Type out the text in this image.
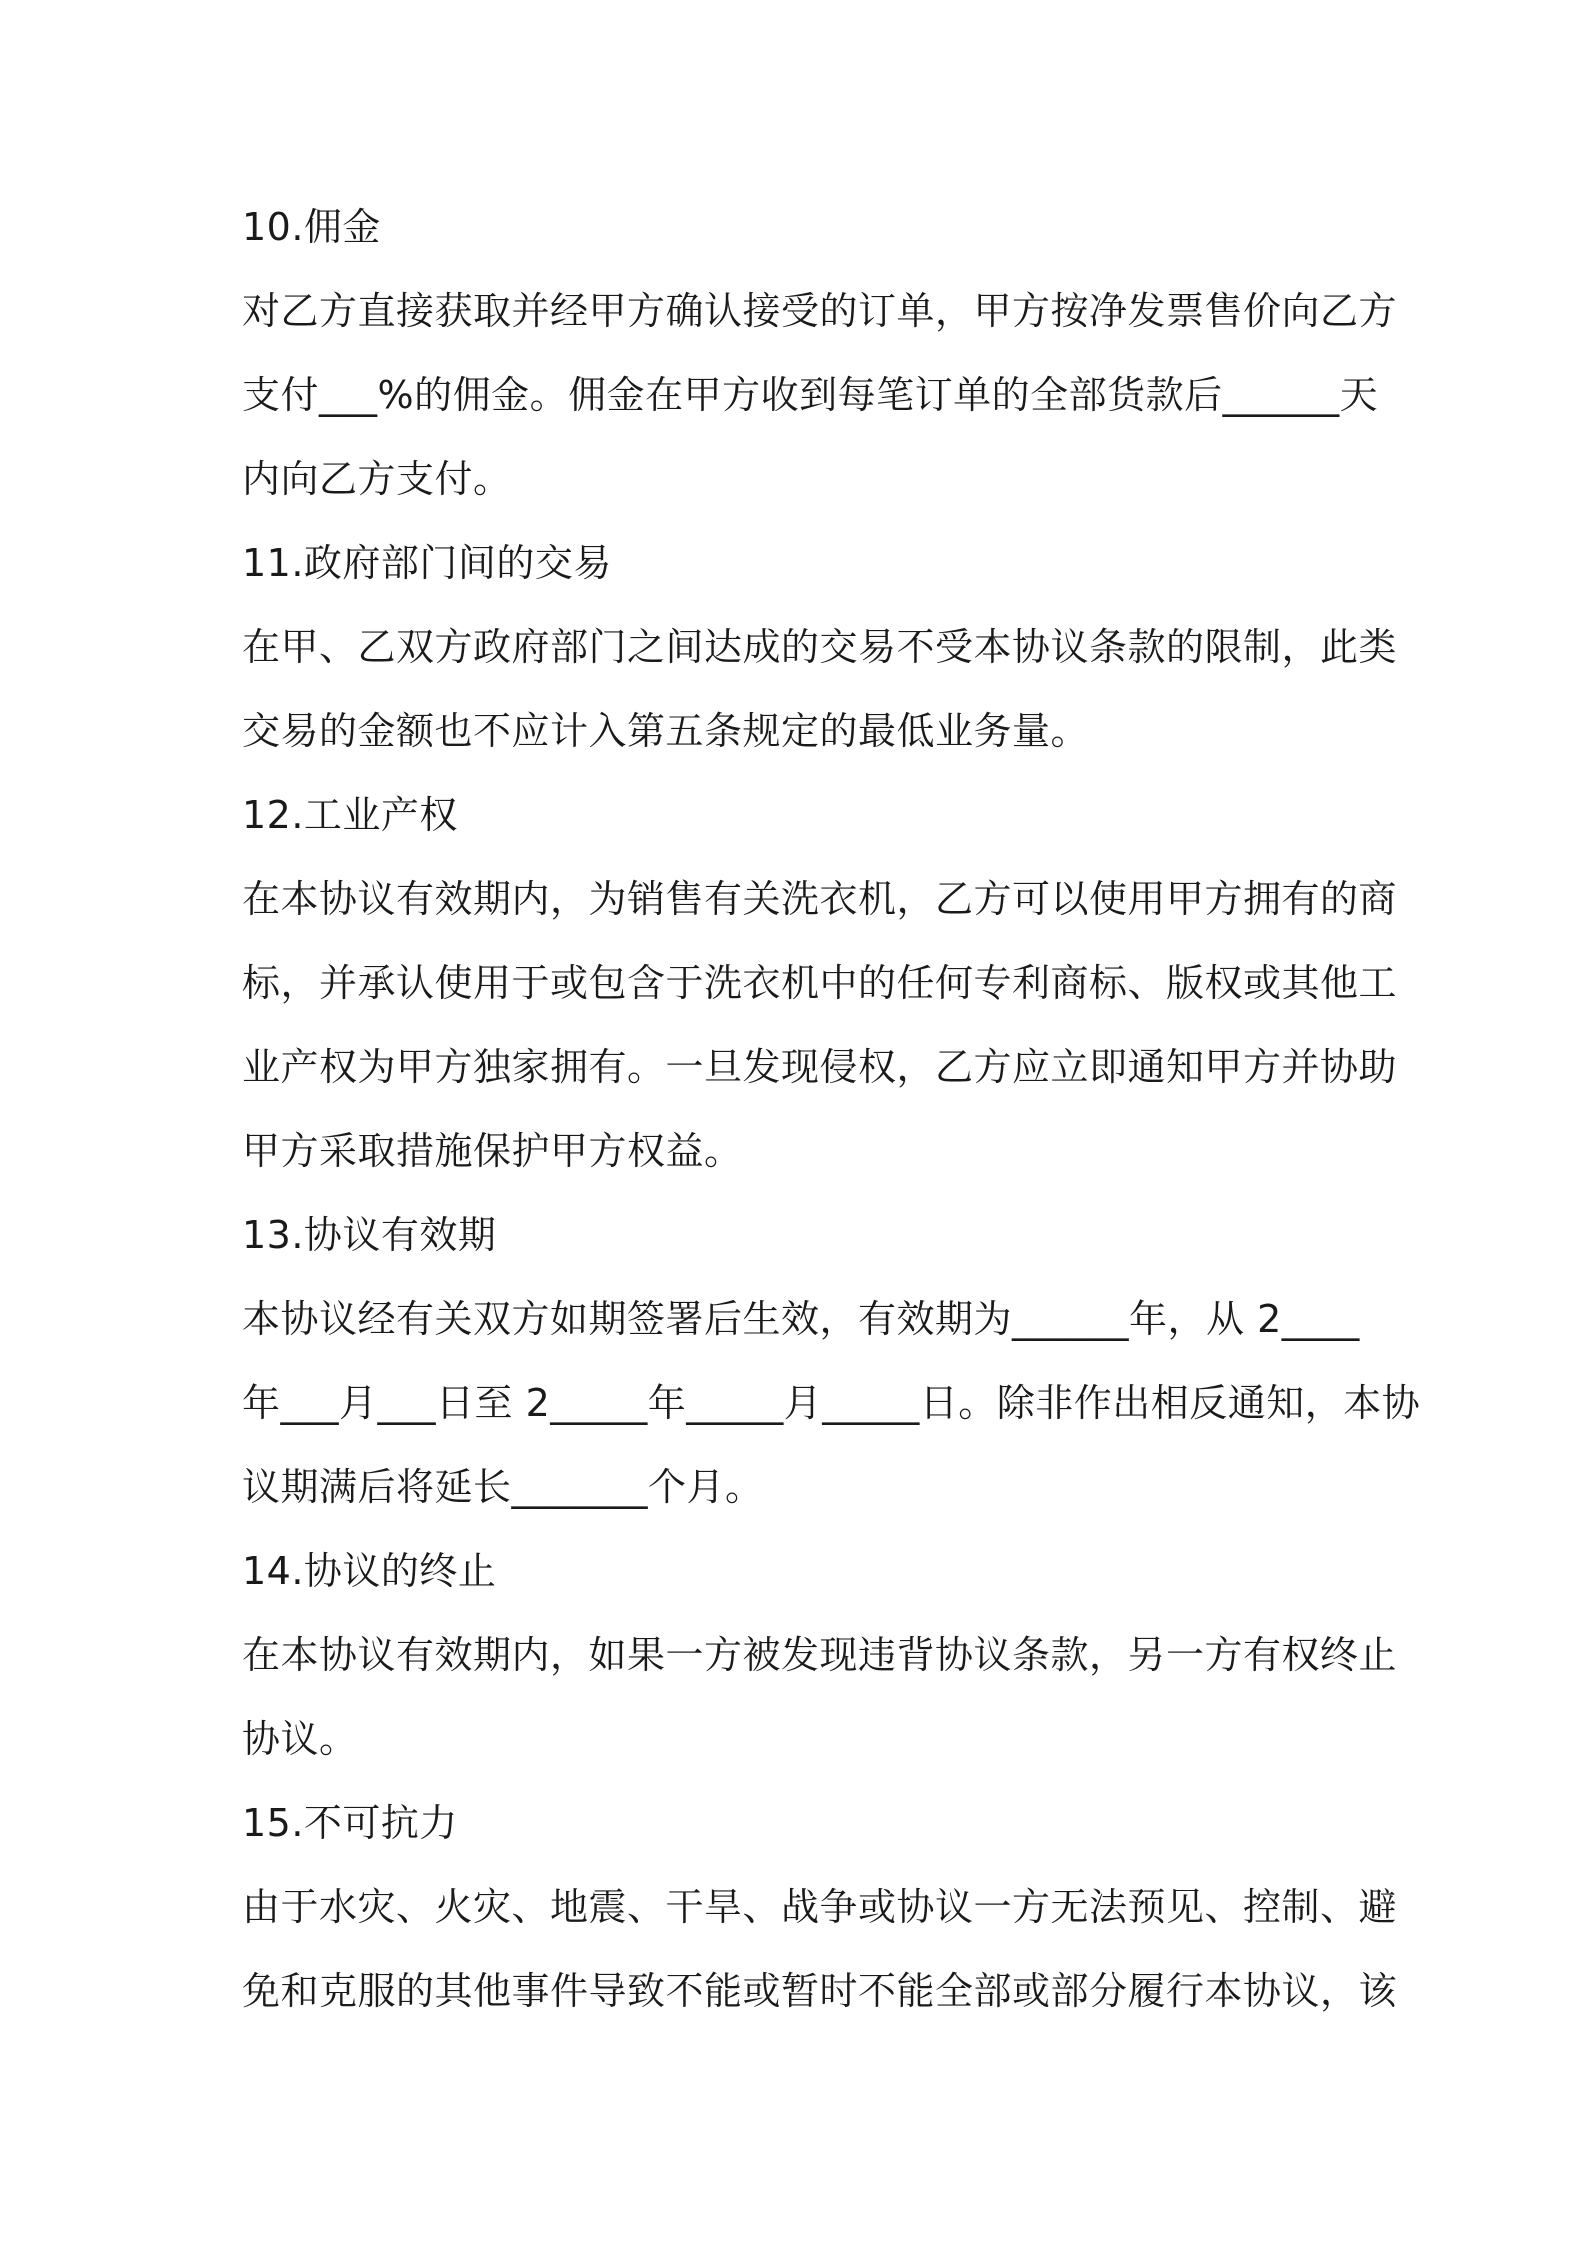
10.佣金
对乙方直接获取并经甲方确认接受的订单，甲方按净发票售价向乙方
支付___%的佣金。佣金在甲方收到每笔订单的全部货款后______天
内向乙方支付。
11.政府部门间的交易
在甲、乙双方政府部门之间达成的交易不受本协议条款的限制，此类
交易的金额也不应计入第五条规定的最低业务量。
12.工业产权
在本协议有效期内，为销售有关洗衣机，乙方可以使用甲方拥有的商
标，并承认使用于或包含于洗衣机中的任何专利商标、版权或其他工
业产权为甲方独家拥有。一旦发现侵权，乙方应立即通知甲方并协助
甲方采取措施保护甲方权益。
13.协议有效期
本协议经有关双方如期签署后生效，有效期为______年，从 2____
年___月___日至 2_____年_____月_____日。除非作出相反通知，本协
议期满后将延长_______个月。
14.协议的终止
在本协议有效期内，如果一方被发现违背协议条款，另一方有权终止
协议。
15.不可抗力
由于水灾、火灾、地震、干旱、战争或协议一方无法预见、控制、避
免和克服的其他事件导致不能或暂时不能全部或部分履行本协议，该
